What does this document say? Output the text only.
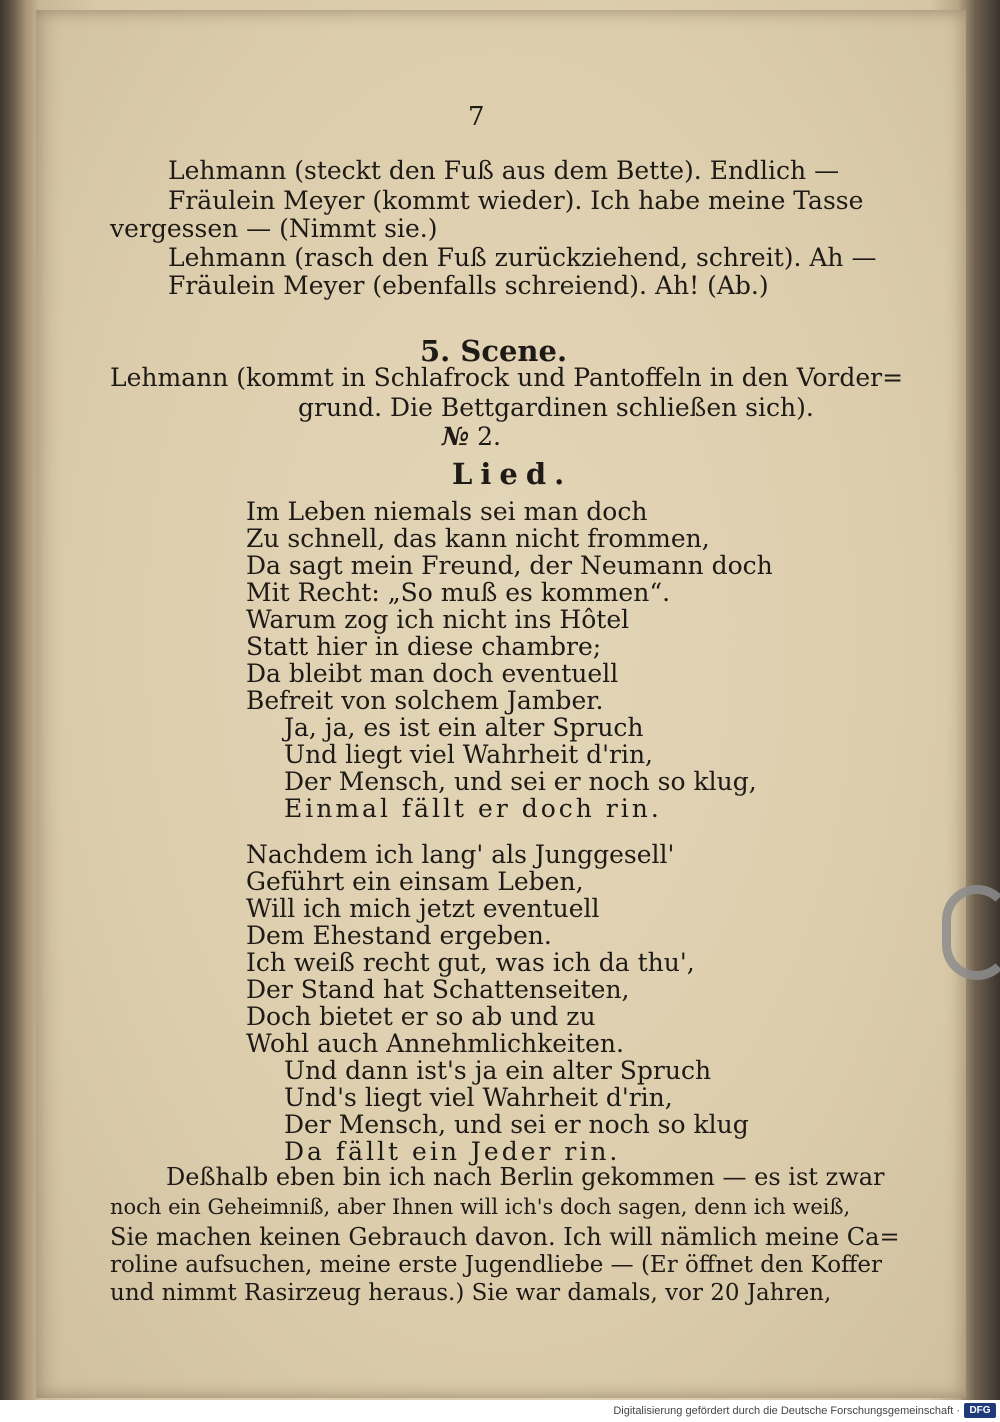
7
Lehmann (steckt den Fuß aus dem Bette). Endlich —
Fräulein Meyer (kommt wieder). Ich habe meine Tasse
vergessen — (Nimmt sie.)
Lehmann (rasch den Fuß zurückziehend, schreit). Ah —
Fräulein Meyer (ebenfalls schreiend). Ah! (Ab.)
5. Scene.
Lehmann (kommt in Schlafrock und Pantoffeln in den Vorder=
grund. Die Bettgardinen schließen sich).
№ 2.
Lied.
Im Leben niemals sei man doch
Zu schnell, das kann nicht frommen,
Da sagt mein Freund, der Neumann doch
Mit Recht: „So muß es kommen“.
Warum zog ich nicht ins Hôtel
Statt hier in diese chambre;
Da bleibt man doch eventuell
Befreit von solchem Jamber.
Ja, ja, es ist ein alter Spruch
Und liegt viel Wahrheit d'rin,
Der Mensch, und sei er noch so klug,
Einmal fällt er doch rin.
Nachdem ich lang' als Junggesell'
Geführt ein einsam Leben,
Will ich mich jetzt eventuell
Dem Ehestand ergeben.
Ich weiß recht gut, was ich da thu',
Der Stand hat Schattenseiten,
Doch bietet er so ab und zu
Wohl auch Annehmlichkeiten.
Und dann ist's ja ein alter Spruch
Und's liegt viel Wahrheit d'rin,
Der Mensch, und sei er noch so klug
Da fällt ein Jeder rin.
Deßhalb eben bin ich nach Berlin gekommen — es ist zwar
noch ein Geheimniß, aber Ihnen will ich's doch sagen, denn ich weiß,
Sie machen keinen Gebrauch davon. Ich will nämlich meine Ca=
roline aufsuchen, meine erste Jugendliebe — (Er öffnet den Koffer
und nimmt Rasirzeug heraus.) Sie war damals, vor 20 Jahren,
Digitalisierung gefördert durch die Deutsche Forschungsgemeinschaft · DFG
